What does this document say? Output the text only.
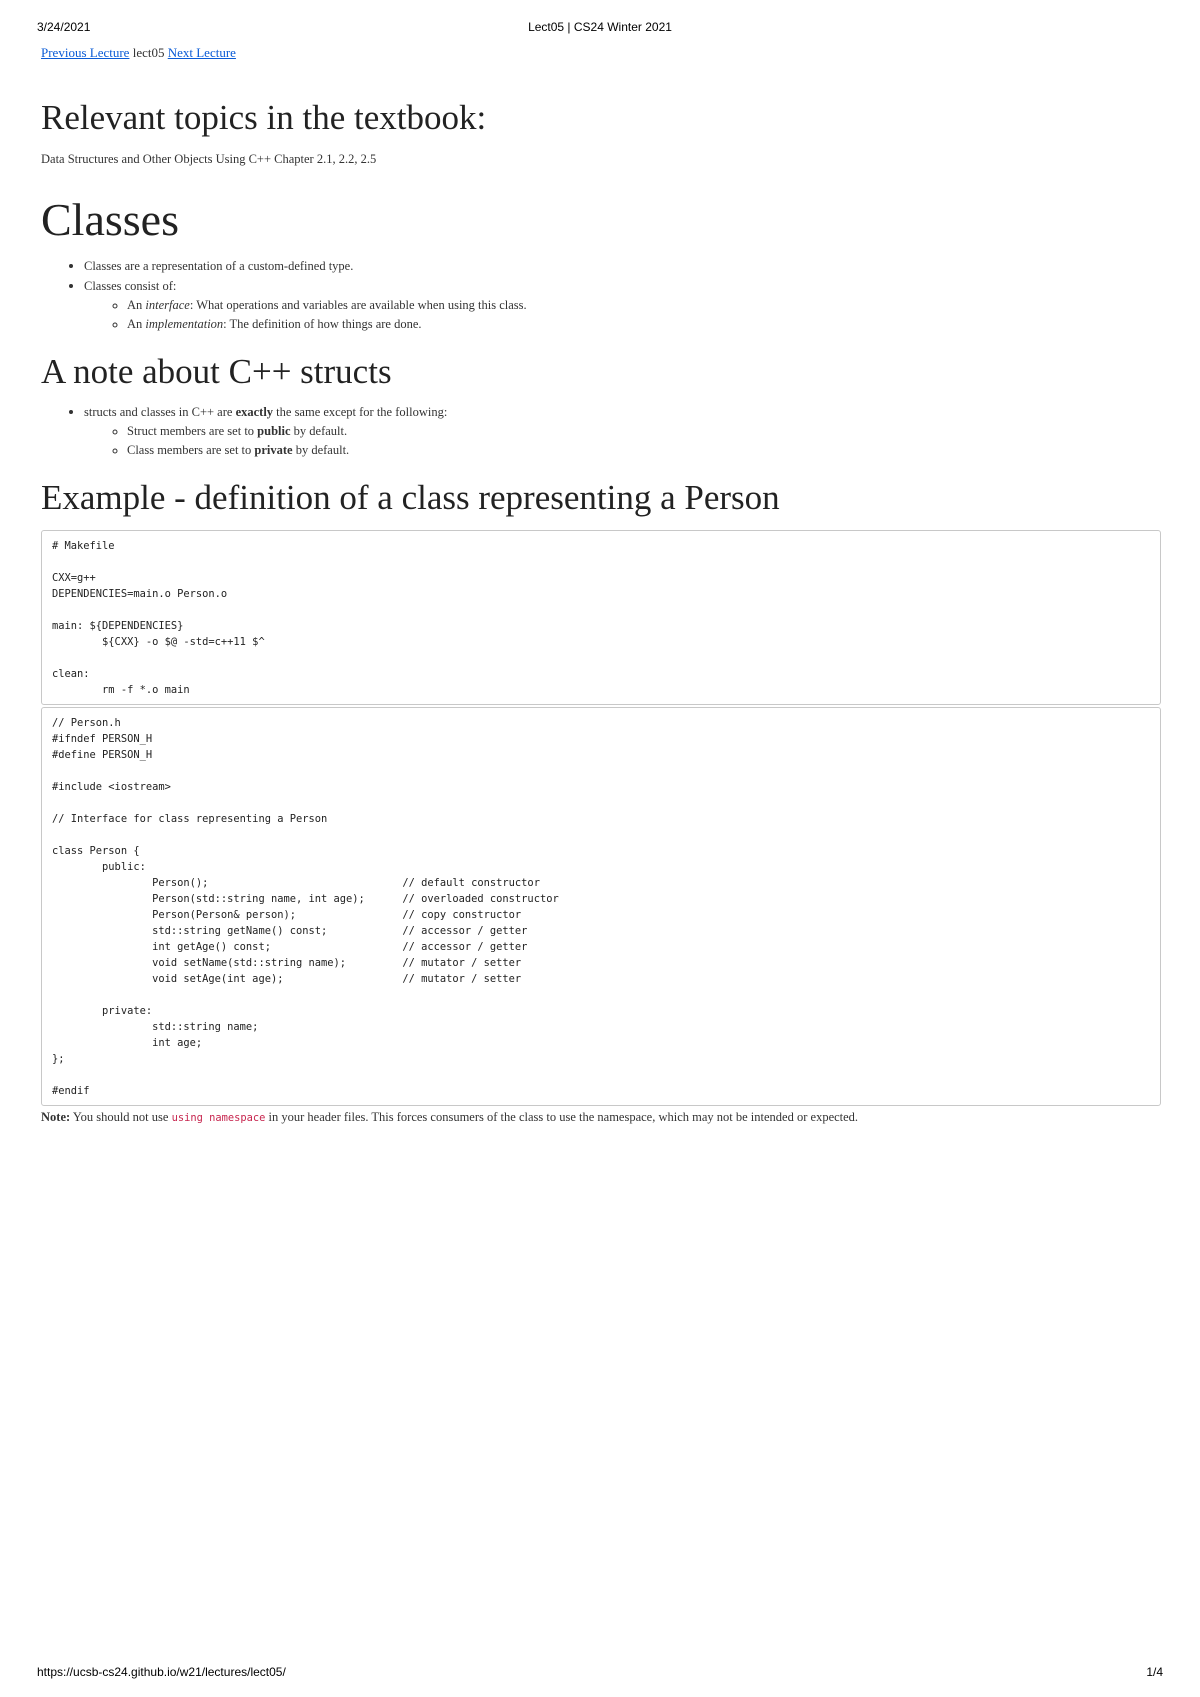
3/24/2021	Lect05 | CS24 Winter 2021
Previous Lecture lect05 Next Lecture
Relevant topics in the textbook:
Data Structures and Other Objects Using C++ Chapter 2.1, 2.2, 2.5
Classes
• Classes are a representation of a custom-defined type.
• Classes consist of:
◦ An interface: What operations and variables are available when using this class.
◦ An implementation: The definition of how things are done.
A note about C++ structs
• structs and classes in C++ are exactly the same except for the following:
◦ Struct members are set to public by default.
◦ Class members are set to private by default.
Example - definition of a class representing a Person
# Makefile

CXX=g++
DEPENDENCIES=main.o Person.o

main: ${DEPENDENCIES}
${CXX} -o $@ -std=c++11 $^

clean:
rm -f *.o main
// Person.h
#ifndef PERSON_H
#define PERSON_H

#include <iostream>

// Interface for class representing a Person

class Person {
public:
Person();                               // default constructor
Person(std::string name, int age);      // overloaded constructor
Person(Person& person);                 // copy constructor
std::string getName() const;            // accessor / getter
int getAge() const;                     // accessor / getter
void setName(std::string name);         // mutator / setter
void setAge(int age);                   // mutator / setter

private:
std::string name;
int age;
};

#endif
Note: You should not use using namespace in your header files. This forces consumers of the class to use the namespace, which may not be intended or expected.
https://ucsb-cs24.github.io/w21/lectures/lect05/	1/4
